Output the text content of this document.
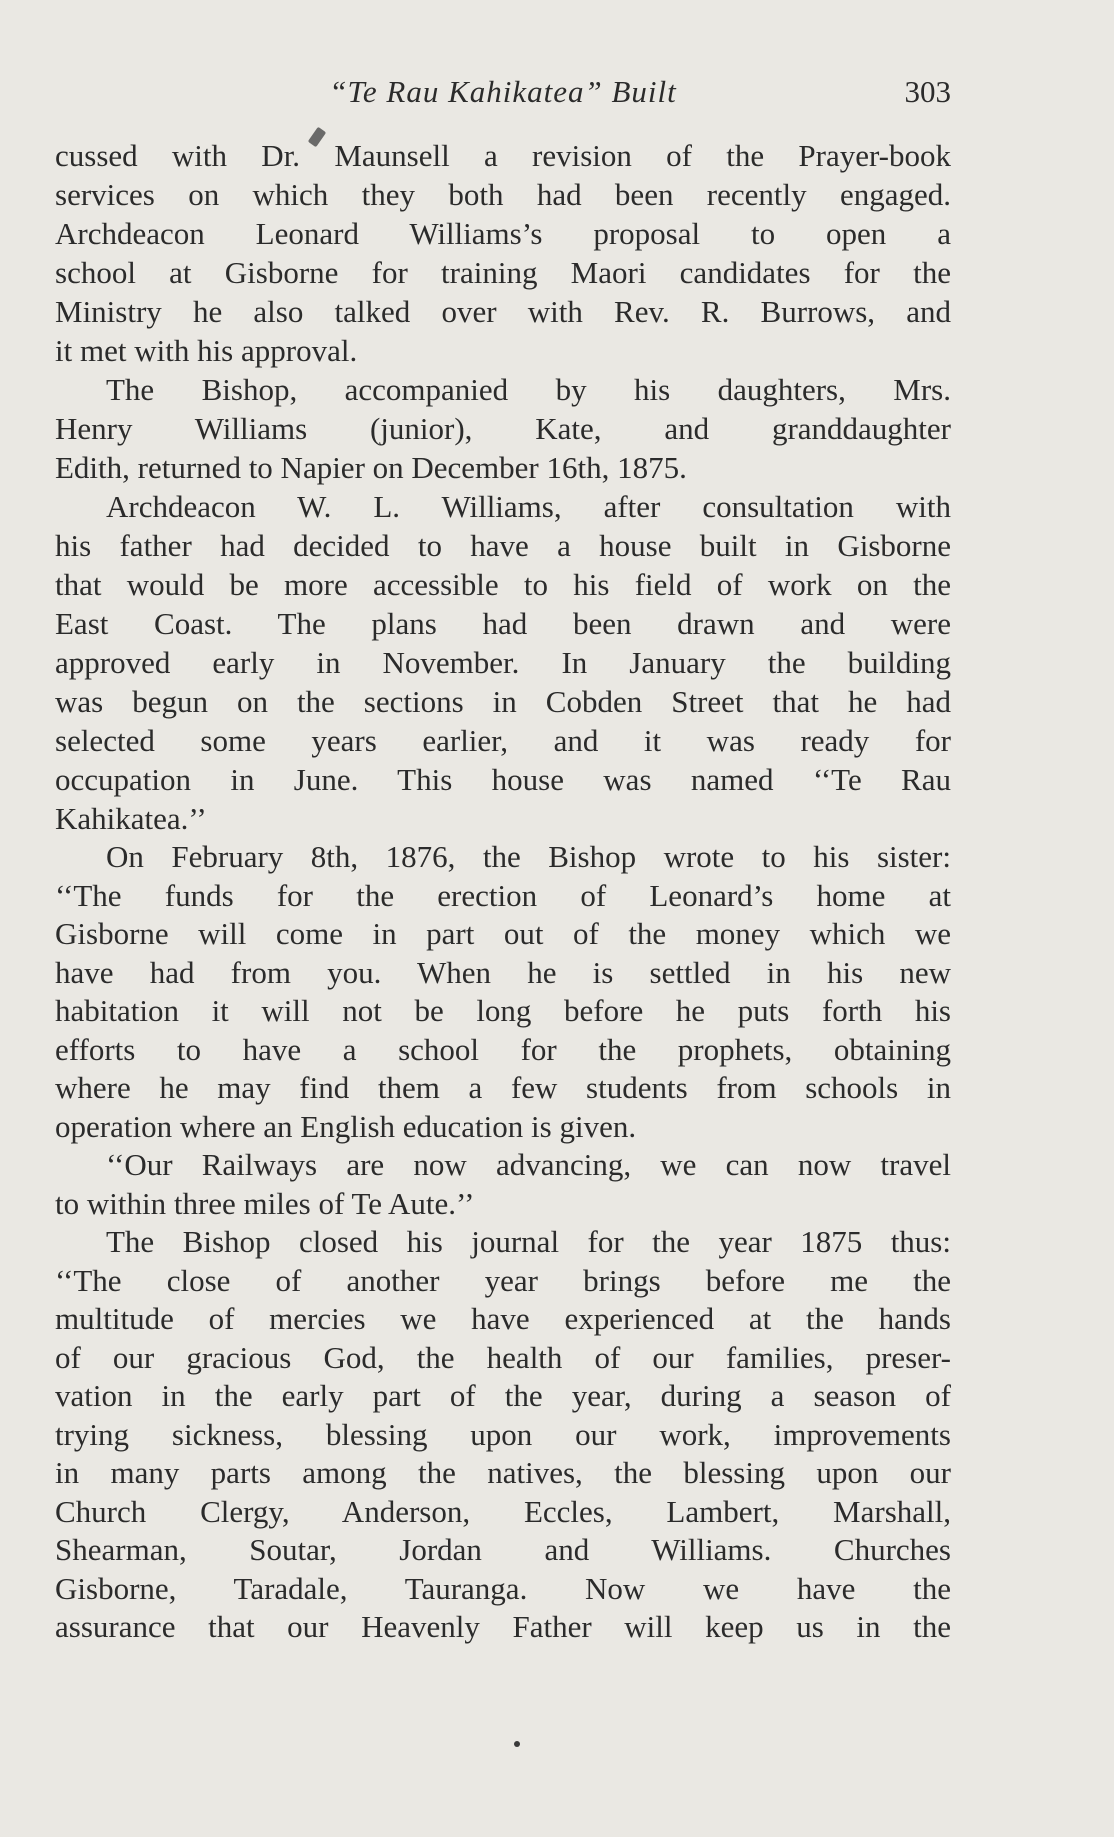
“Te Rau Kahikatea” Built	303
cussed with Dr. Maunsell a revision of the Prayer-book
services on which they both had been recently engaged.
Archdeacon Leonard Williams’s proposal to open a
school at Gisborne for training Maori candidates for the
Ministry he also talked over with Rev. R. Burrows, and
it met with his approval.
The Bishop, accompanied by his daughters, Mrs.
Henry Williams (junior), Kate, and granddaughter
Edith, returned to Napier on December 16th, 1875.
Archdeacon W. L. Williams, after consultation with
his father had decided to have a house built in Gisborne
that would be more accessible to his field of work on the
East Coast. The plans had been drawn and were
approved early in November. In January the building
was begun on the sections in Cobden Street that he had
selected some years earlier, and it was ready for
occupation in June. This house was named ‘‘Te Rau
Kahikatea.’’
On February 8th, 1876, the Bishop wrote to his sister:
‘‘The funds for the erection of Leonard’s home at
Gisborne will come in part out of the money which we
have had from you. When he is settled in his new
habitation it will not be long before he puts forth his
efforts to have a school for the prophets, obtaining
where he may find them a few students from schools in
operation where an English education is given.
‘‘Our Railways are now advancing, we can now travel
to within three miles of Te Aute.’’
The Bishop closed his journal for the year 1875 thus:
‘‘The close of another year brings before me the
multitude of mercies we have experienced at the hands
of our gracious God, the health of our families, preser-
vation in the early part of the year, during a season of
trying sickness, blessing upon our work, improvements
in many parts among the natives, the blessing upon our
Church Clergy, Anderson, Eccles, Lambert, Marshall,
Shearman, Soutar, Jordan and Williams. Churches
Gisborne, Taradale, Tauranga. Now we have the
assurance that our Heavenly Father will keep us in the
